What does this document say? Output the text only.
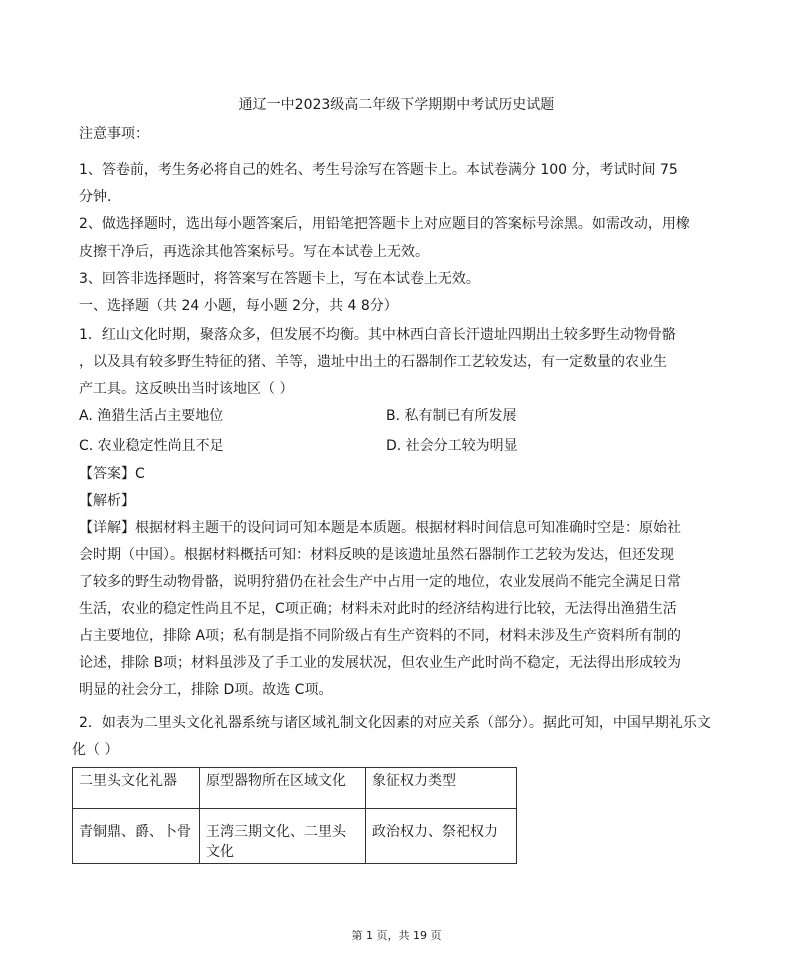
通辽一中2023级高二年级下学期期中考试历史试题
注意事项：
1、答卷前，考生务必将自己的姓名、考生号涂写在答题卡上。本试卷满分 100 分，考试时间 75
分钟.
2、做选择题时，选出每小题答案后，用铅笔把答题卡上对应题目的答案标号涂黑。如需改动，用橡
皮擦干净后，再选涂其他答案标号。写在本试卷上无效。
3、回答非选择题时，将答案写在答题卡上，写在本试卷上无效。
一、选择题（共 24 小题，每小题 2分，共 4 8分）
1．红山文化时期，聚落众多，但发展不均衡。其中林西白音长汗遗址四期出土较多野生动物骨骼
，以及具有较多野生特征的猪、羊等，遗址中出土的石器制作工艺较发达，有一定数量的农业生
产工具。这反映出当时该地区（ ）
A. 渔猎生活占主要地位	B. 私有制已有所发展
C. 农业稳定性尚且不足	D. 社会分工较为明显
【答案】C
【解析】
【详解】根据材料主题干的设问词可知本题是本质题。根据材料时间信息可知准确时空是：原始社
会时期（中国）。根据材料概括可知：材料反映的是该遗址虽然石器制作工艺较为发达，但还发现
了较多的野生动物骨骼，说明狩猎仍在社会生产中占用一定的地位，农业发展尚不能完全满足日常
生活，农业的稳定性尚且不足，C项正确；材料未对此时的经济结构进行比较，无法得出渔猎生活
占主要地位，排除 A项；私有制是指不同阶级占有生产资料的不同，材料未涉及生产资料所有制的
论述，排除 B项；材料虽涉及了手工业的发展状况，但农业生产此时尚不稳定，无法得出形成较为
明显的社会分工，排除 D项。故选 C项。
2．如表为二里头文化礼器系统与诸区域礼制文化因素的对应关系（部分）。据此可知，中国早期礼乐文
化（ ）
二里头文化礼器	原型器物所在区域文化	象征权力类型
青铜鼎、爵、卜骨	王湾三期文化、二里头文化	政治权力、祭祀权力
第 1 页，共 19 页
